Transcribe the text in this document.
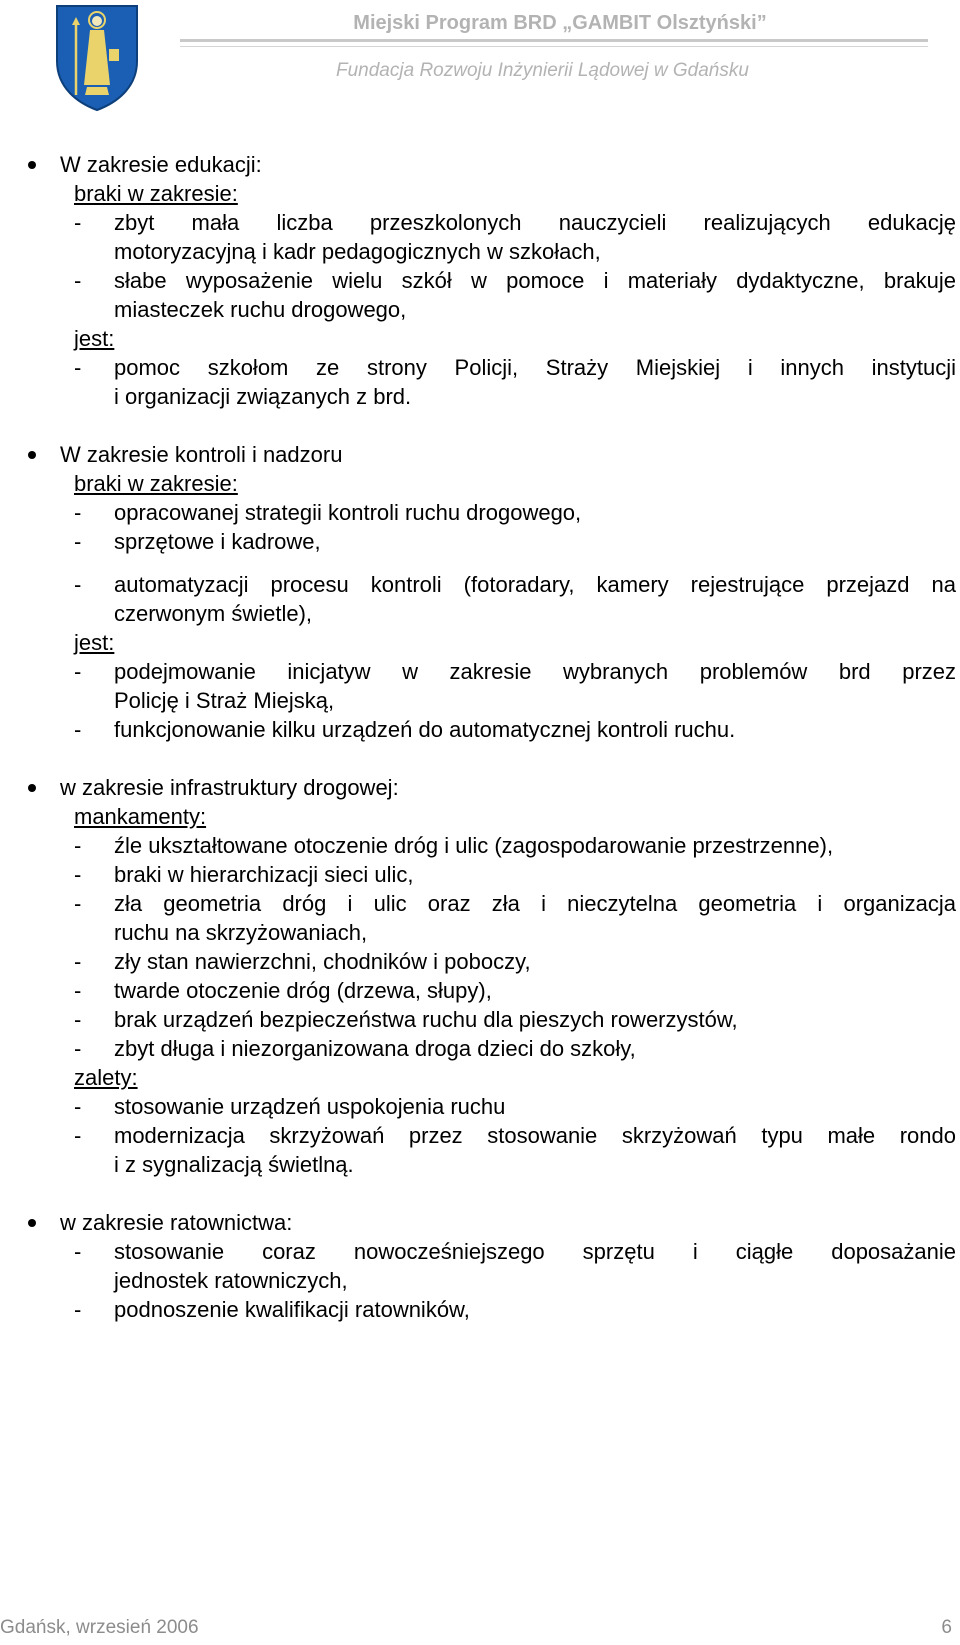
Miejski Program BRD „GAMBIT Olsztyński”
Fundacja Rozwoju Inżynierii Lądowej w Gdańsku
W zakresie edukacji:
braki w zakresie:
- zbyt mała liczba przeszkolonych nauczycieli realizujących edukację
motoryzacyjną i kadr pedagogicznych w szkołach,
- słabe wyposażenie wielu szkół w pomoce i materiały dydaktyczne, brakuje
miasteczek ruchu drogowego,
jest:
- pomoc szkołom ze strony Policji, Straży Miejskiej i innych instytucji
i organizacji związanych z brd.
W zakresie kontroli i nadzoru
braki w zakresie:
- opracowanej strategii kontroli ruchu drogowego,
- sprzętowe i kadrowe,
- automatyzacji procesu kontroli (fotoradary, kamery rejestrujące przejazd na
czerwonym świetle),
jest:
- podejmowanie inicjatyw w zakresie wybranych problemów brd przez
Policję i Straż Miejską,
- funkcjonowanie kilku urządzeń do automatycznej kontroli ruchu.
w zakresie infrastruktury drogowej:
mankamenty:
- źle ukształtowane otoczenie dróg i ulic (zagospodarowanie przestrzenne),
- braki w hierarchizacji sieci ulic,
- zła geometria dróg i ulic oraz zła i nieczytelna geometria i organizacja
ruchu na skrzyżowaniach,
- zły stan nawierzchni, chodników i poboczy,
- twarde otoczenie dróg (drzewa, słupy),
- brak urządzeń bezpieczeństwa ruchu dla pieszych rowerzystów,
- zbyt długa i niezorganizowana droga dzieci do szkoły,
zalety:
- stosowanie urządzeń uspokojenia ruchu
- modernizacja skrzyżowań przez stosowanie skrzyżowań typu małe rondo
i z sygnalizacją świetlną.
w zakresie ratownictwa:
- stosowanie coraz nowocześniejszego sprzętu i ciągłe doposażanie
jednostek ratowniczych,
- podnoszenie kwalifikacji ratowników,
Gdańsk, wrzesień 2006	6
